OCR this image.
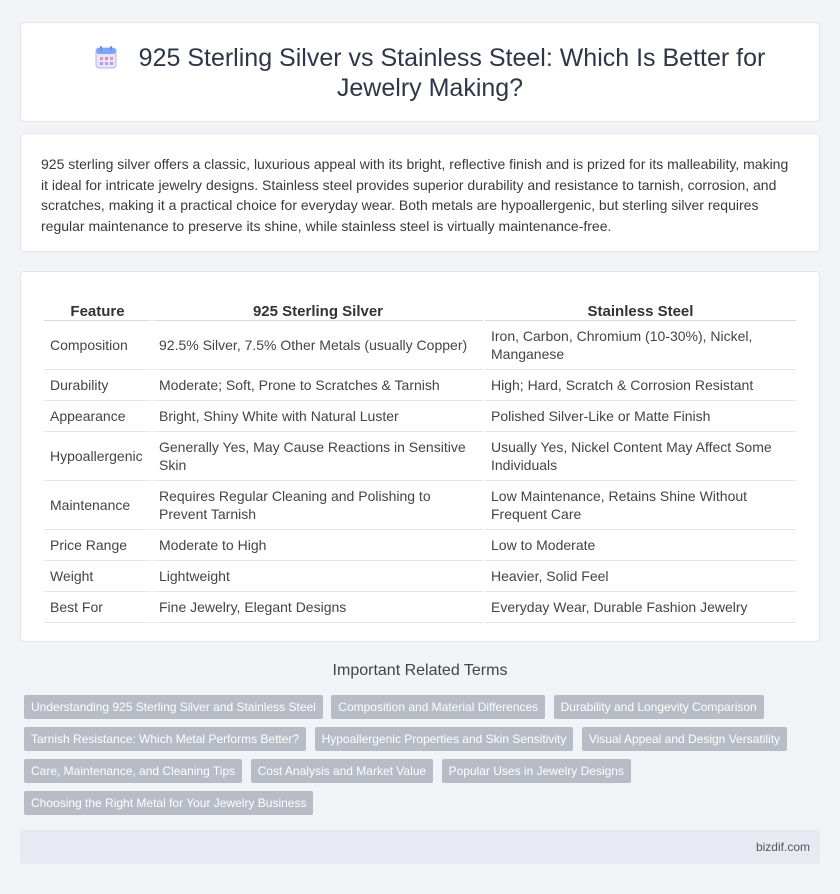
925 Sterling Silver vs Stainless Steel: Which Is Better for Jewelry Making?
925 sterling silver offers a classic, luxurious appeal with its bright, reflective finish and is prized for its malleability, making it ideal for intricate jewelry designs. Stainless steel provides superior durability and resistance to tarnish, corrosion, and scratches, making it a practical choice for everyday wear. Both metals are hypoallergenic, but sterling silver requires regular maintenance to preserve its shine, while stainless steel is virtually maintenance-free.
Feature	925 Sterling Silver	Stainless Steel
Composition	92.5% Silver, 7.5% Other Metals (usually Copper)	Iron, Carbon, Chromium (10-30%), Nickel, Manganese
Durability	Moderate; Soft, Prone to Scratches & Tarnish	High; Hard, Scratch & Corrosion Resistant
Appearance	Bright, Shiny White with Natural Luster	Polished Silver-Like or Matte Finish
Hypoallergenic	Generally Yes, May Cause Reactions in Sensitive Skin	Usually Yes, Nickel Content May Affect Some Individuals
Maintenance	Requires Regular Cleaning and Polishing to Prevent Tarnish	Low Maintenance, Retains Shine Without Frequent Care
Price Range	Moderate to High	Low to Moderate
Weight	Lightweight	Heavier, Solid Feel
Best For	Fine Jewelry, Elegant Designs	Everyday Wear, Durable Fashion Jewelry
Important Related Terms
Understanding 925 Sterling Silver and Stainless Steel Composition and Material Differences Durability and Longevity Comparison Tarnish Resistance: Which Metal Performs Better? Hypoallergenic Properties and Skin Sensitivity Visual Appeal and Design Versatility Care, Maintenance, and Cleaning Tips Cost Analysis and Market Value Popular Uses in Jewelry Designs Choosing the Right Metal for Your Jewelry Business
bizdif.com
